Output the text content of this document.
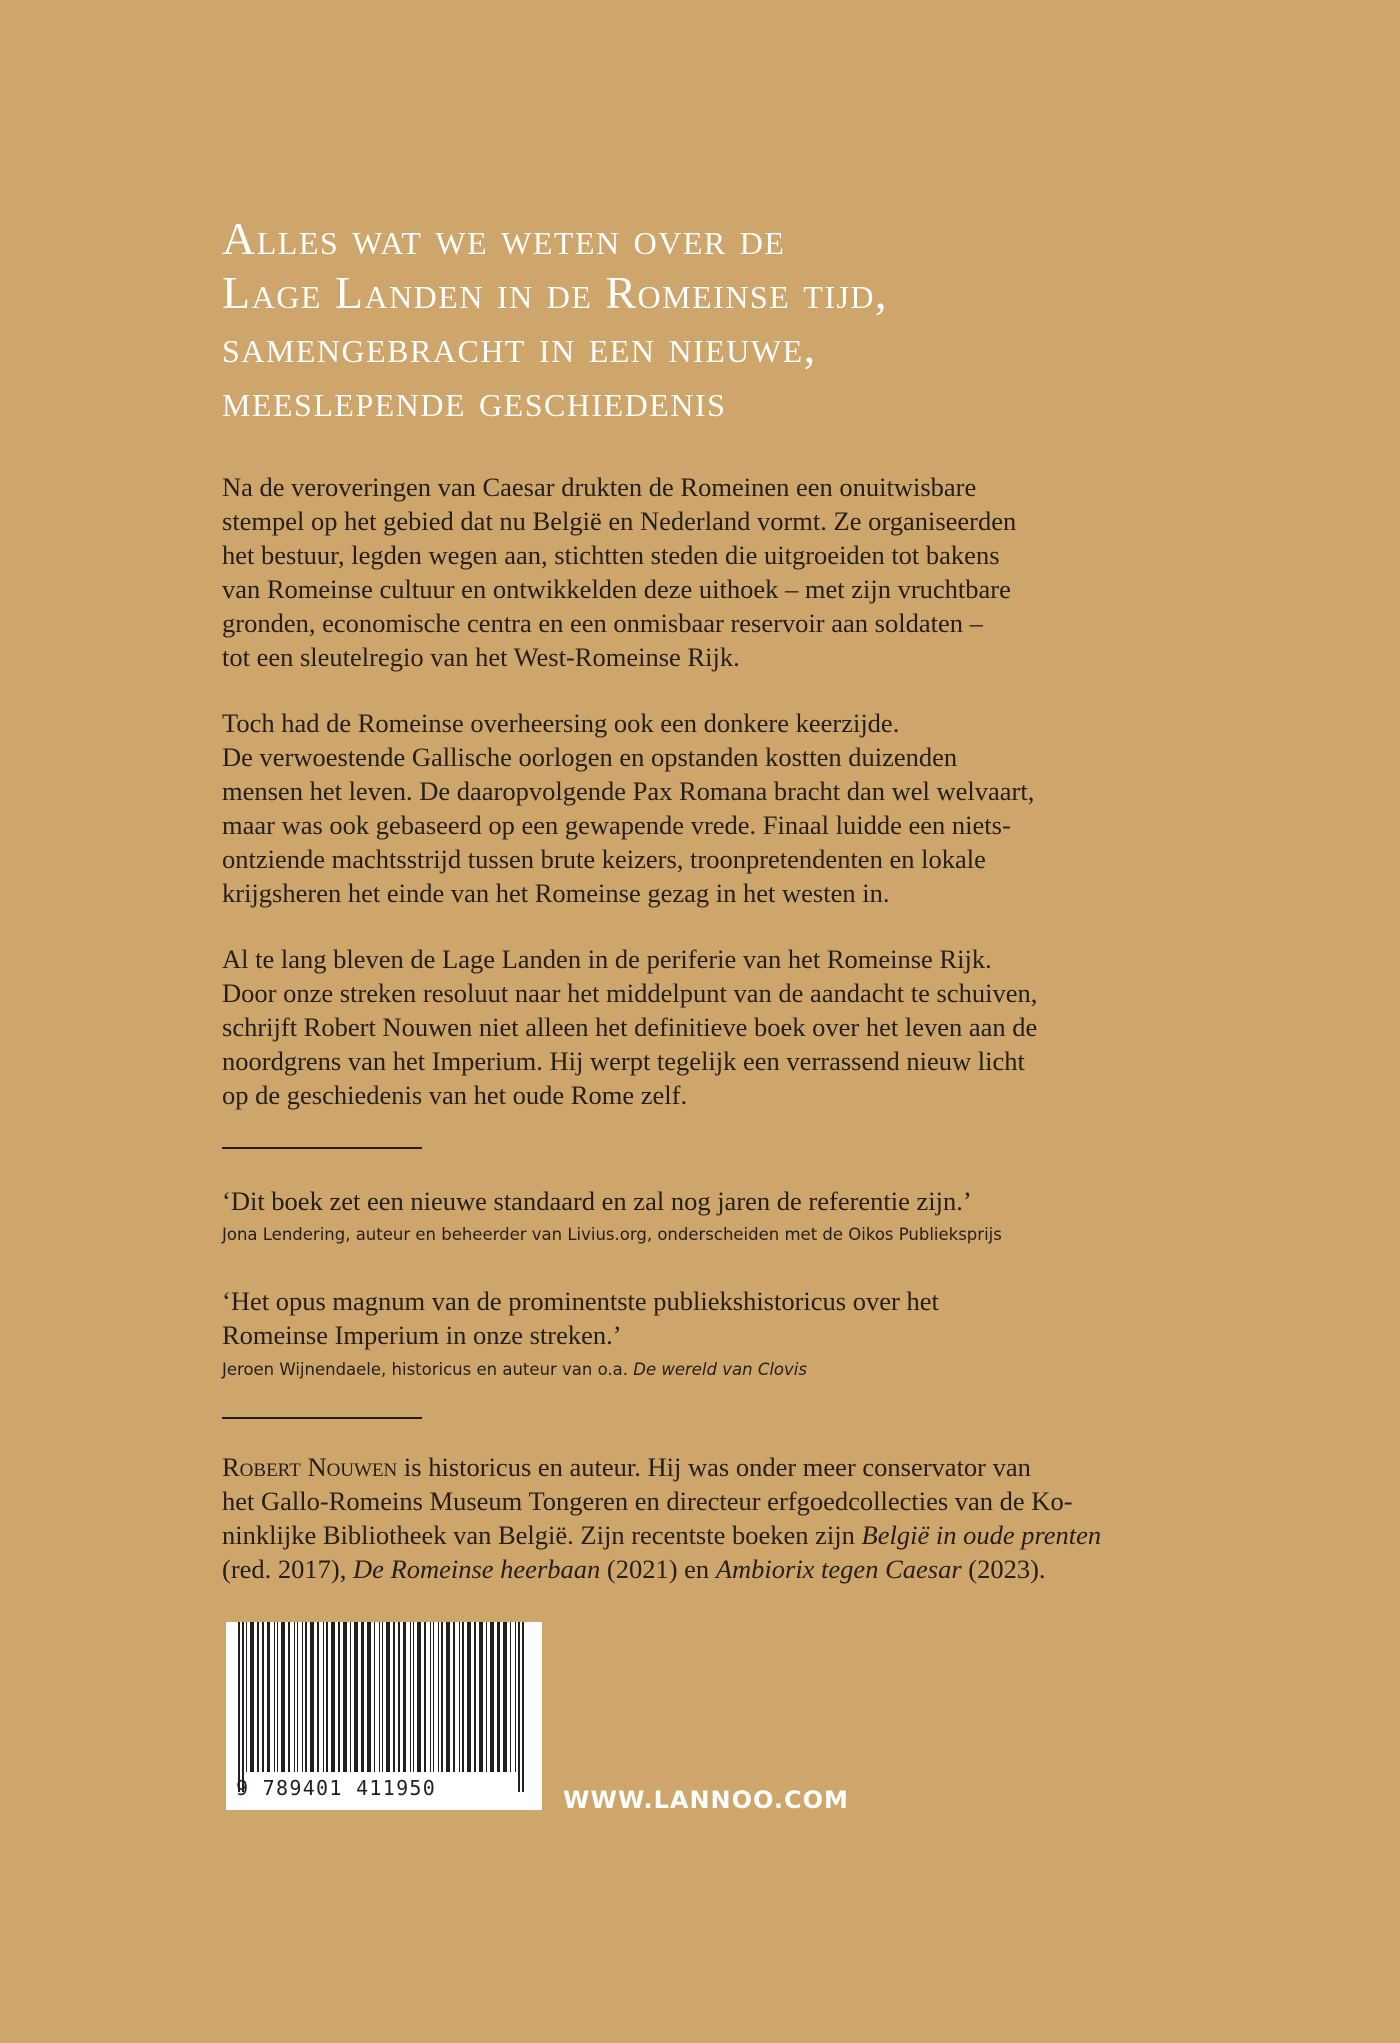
Alles wat we weten over de
Lage Landen in de Romeinse tijd,
samengebracht in een nieuwe,
meeslepende geschiedenis

Na de veroveringen van Caesar drukten de Romeinen een onuitwisbare
stempel op het gebied dat nu België en Nederland vormt. Ze organiseerden
het bestuur, legden wegen aan, stichtten steden die uitgroeiden tot bakens
van Romeinse cultuur en ontwikkelden deze uithoek – met zijn vruchtbare
gronden, economische centra en een onmisbaar reservoir aan soldaten –
tot een sleutelregio van het West-Romeinse Rijk.

Toch had de Romeinse overheersing ook een donkere keerzijde.
De verwoestende Gallische oorlogen en opstanden kostten duizenden
mensen het leven. De daaropvolgende Pax Romana bracht dan wel welvaart,
maar was ook gebaseerd op een gewapende vrede. Finaal luidde een niets-
ontziende machtsstrijd tussen brute keizers, troonpretendenten en lokale
krijgsheren het einde van het Romeinse gezag in het westen in.

Al te lang bleven de Lage Landen in de periferie van het Romeinse Rijk.
Door onze streken resoluut naar het middelpunt van de aandacht te schuiven,
schrijft Robert Nouwen niet alleen het definitieve boek over het leven aan de
noordgrens van het Imperium. Hij werpt tegelijk een verrassend nieuw licht
op de geschiedenis van het oude Rome zelf.

‘Dit boek zet een nieuwe standaard en zal nog jaren de referentie zijn.’

Jona Lendering, auteur en beheerder van Livius.org, onderscheiden met de Oikos Publieksprijs

‘Het opus magnum van de prominentste publiekshistoricus over het
Romeinse Imperium in onze streken.’

Jeroen Wijnendaele, historicus en auteur van o.a. De wereld van Clovis

Robert Nouwen is historicus en auteur. Hij was onder meer conservator van
het Gallo-Romeins Museum Tongeren en directeur erfgoedcollecties van de Ko-
ninklijke Bibliotheek van België. Zijn recentste boeken zijn België in oude prenten
(red. 2017), De Romeinse heerbaan (2021) en Ambiorix tegen Caesar (2023).

9 789401 411950	WWW.LANNOO.COM
